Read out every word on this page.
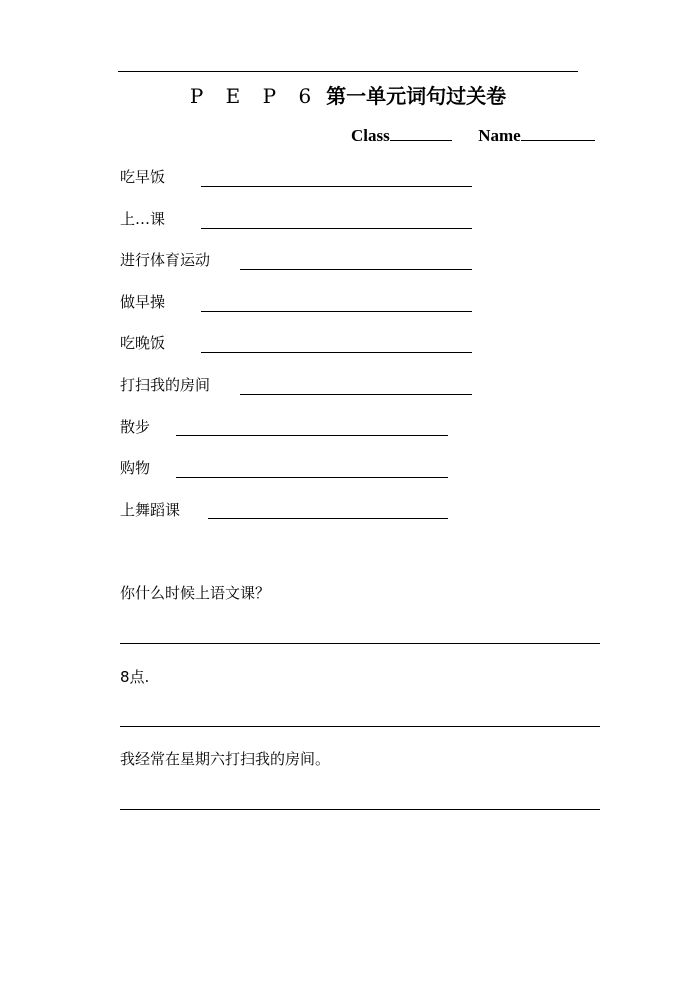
P E P 6 第一单元词句过关卷
Class	Name
吃早饭
上…课
进行体育运动
做早操
吃晚饭
打扫我的房间
散步
购物
上舞蹈课
你什么时候上语文课？
8点.
我经常在星期六打扫我的房间。
